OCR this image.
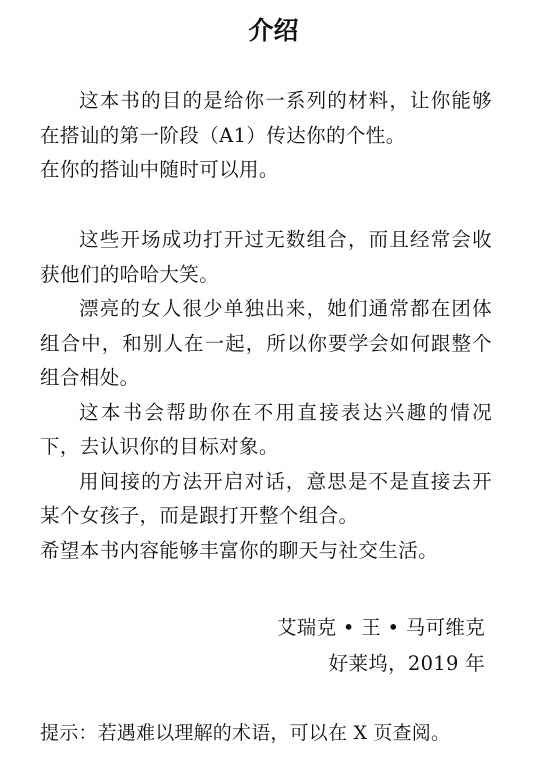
介绍

这本书的目的是给你一系列的材料，让你能够在搭讪的第一阶段（A1）传达你的个性。

在你的搭讪中随时可以用。

这些开场成功打开过无数组合，而且经常会收获他们的哈哈大笑。

漂亮的女人很少单独出来，她们通常都在团体组合中，和别人在一起，所以你要学会如何跟整个组合相处。

这本书会帮助你在不用直接表达兴趣的情况下，去认识你的目标对象。

用间接的方法开启对话，意思是不是直接去开某个女孩子，而是跟打开整个组合。

希望本书内容能够丰富你的聊天与社交生活。

艾瑞克 • 王 • 马可维克

好莱坞，2019 年

提示：若遇难以理解的术语，可以在 X 页查阅。
